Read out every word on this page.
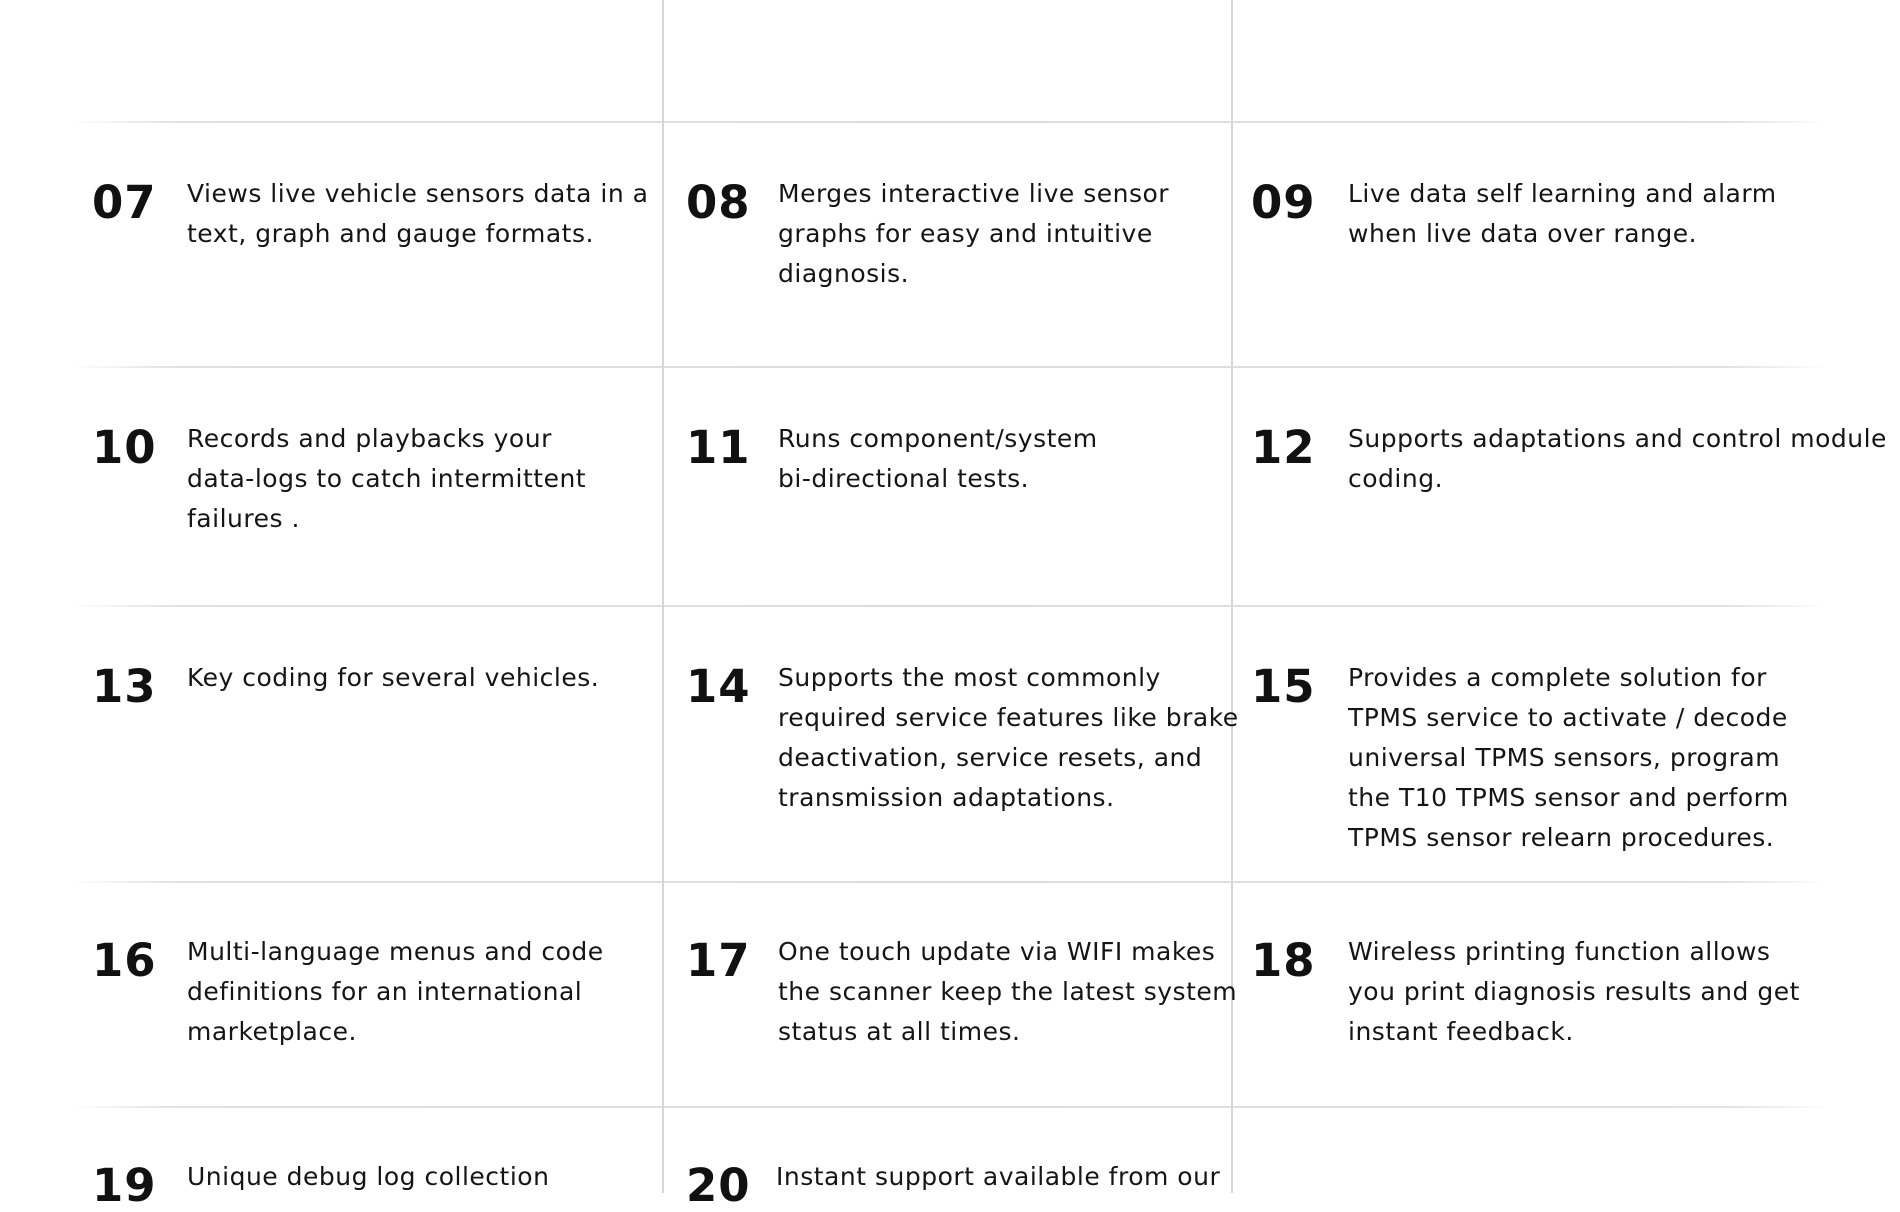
07 Views live vehicle sensors data in a
text, graph and gauge formats.
08 Merges interactive live sensor
graphs for easy and intuitive
diagnosis.
09 Live data self learning and alarm
when live data over range.
10 Records and playbacks your
data-logs to catch intermittent
failures .
11 Runs component/system
bi-directional tests.
12 Supports adaptations and control module
coding.
13 Key coding for several vehicles.	14 Supports the most commonly
required service features like brake
deactivation, service resets, and
transmission adaptations.
15 Provides a complete solution for
TPMS service to activate / decode
universal TPMS sensors, program
the T10 TPMS sensor and perform
TPMS sensor relearn procedures.
16 Multi-language menus and code
definitions for an international
marketplace.
17 One touch update via WIFI makes
the scanner keep the latest system
status at all times.
18 Wireless printing function allows
you print diagnosis results and get
instant feedback.
19 Unique debug log collection	20 Instant support available from our
